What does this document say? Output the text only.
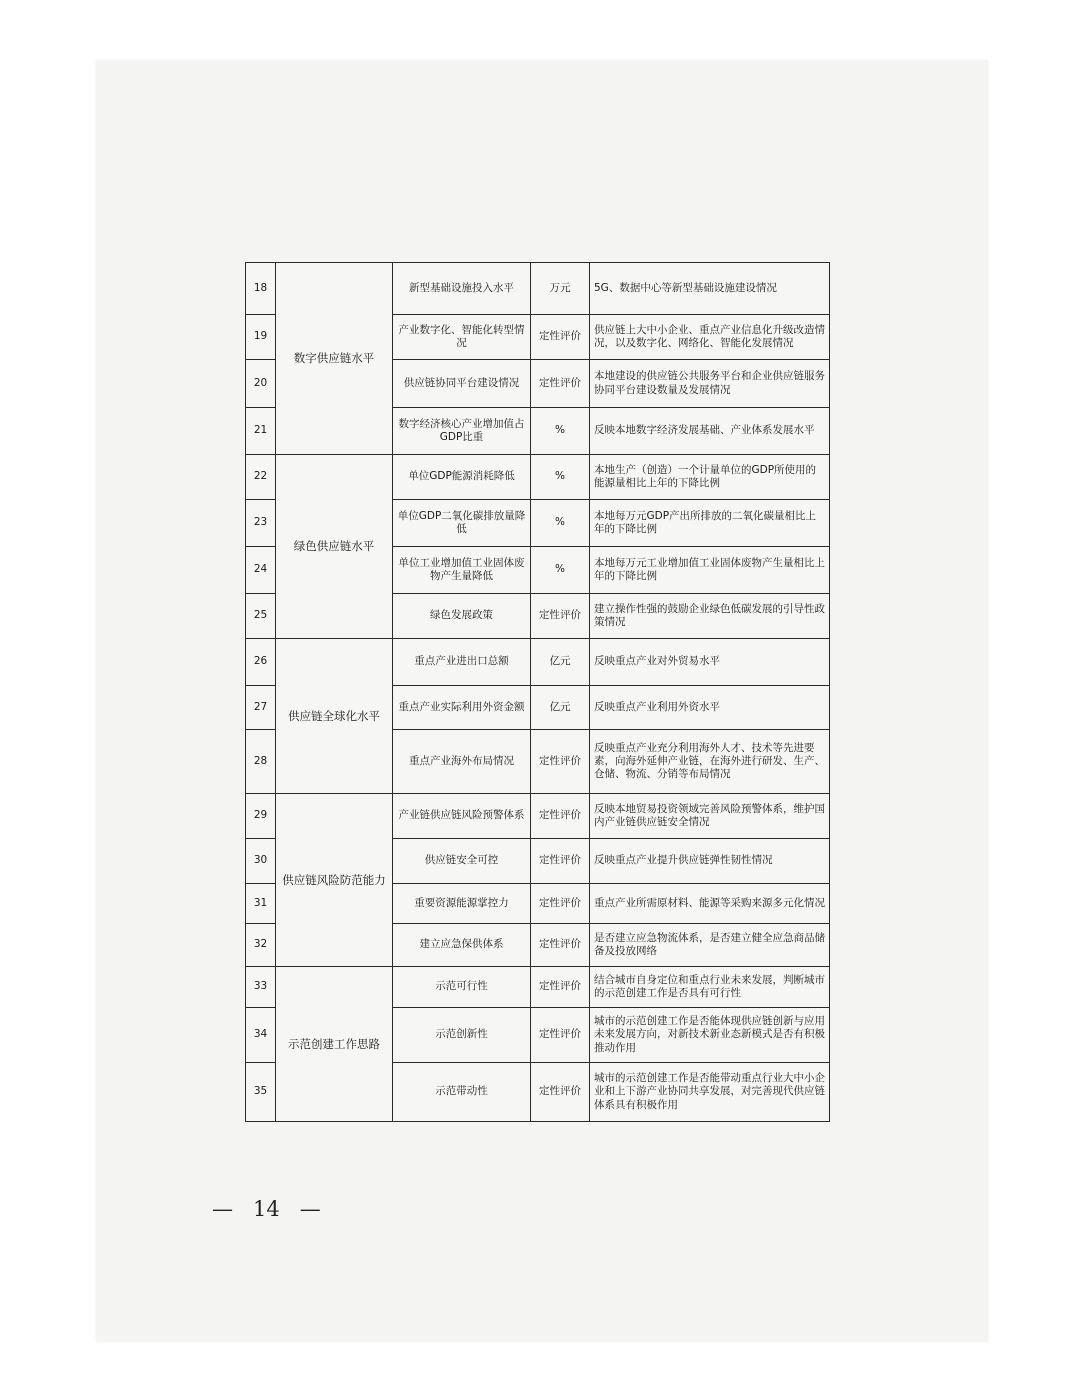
18	数字供应链水平	新型基础设施投入水平	万元	5G、数据中心等新型基础设施建设情况
19		产业数字化、智能化转型情况	定性评价	供应链上大中小企业、重点产业信息化升级改造情况，以及数字化、网络化、智能化发展情况
20		供应链协同平台建设情况	定性评价	本地建设的供应链公共服务平台和企业供应链服务协同平台建设数量及发展情况
21		数字经济核心产业增加值占GDP比重	%	反映本地数字经济发展基础、产业体系发展水平
22	绿色供应链水平	单位GDP能源消耗降低	%	本地生产（创造）一个计量单位的GDP所使用的能源量相比上年的下降比例
23		单位GDP二氧化碳排放量降低	%	本地每万元GDP产出所排放的二氧化碳量相比上年的下降比例
24		单位工业增加值工业固体废物产生量降低	%	本地每万元工业增加值工业固体废物产生量相比上年的下降比例
25		绿色发展政策	定性评价	建立操作性强的鼓励企业绿色低碳发展的引导性政策情况
26	供应链全球化水平	重点产业进出口总额	亿元	反映重点产业对外贸易水平
27		重点产业实际利用外资金额	亿元	反映重点产业利用外资水平
28		重点产业海外布局情况	定性评价	反映重点产业充分利用海外人才、技术等先进要素，向海外延伸产业链，在海外进行研发、生产、仓储、物流、分销等布局情况
29	供应链风险防范能力	产业链供应链风险预警体系	定性评价	反映本地贸易投资领域完善风险预警体系，维护国内产业链供应链安全情况
30		供应链安全可控	定性评价	反映重点产业提升供应链弹性韧性情况
31		重要资源能源掌控力	定性评价	重点产业所需原材料、能源等采购来源多元化情况
32		建立应急保供体系	定性评价	是否建立应急物流体系，是否建立健全应急商品储备及投放网络
33	示范创建工作思路	示范可行性	定性评价	结合城市自身定位和重点行业未来发展，判断城市的示范创建工作是否具有可行性
34		示范创新性	定性评价	城市的示范创建工作是否能体现供应链创新与应用未来发展方向，对新技术新业态新模式是否有积极推动作用
35		示范带动性	定性评价	城市的示范创建工作是否能带动重点行业大中小企业和上下游产业协同共享发展，对完善现代供应链体系具有积极作用
— 14 —
